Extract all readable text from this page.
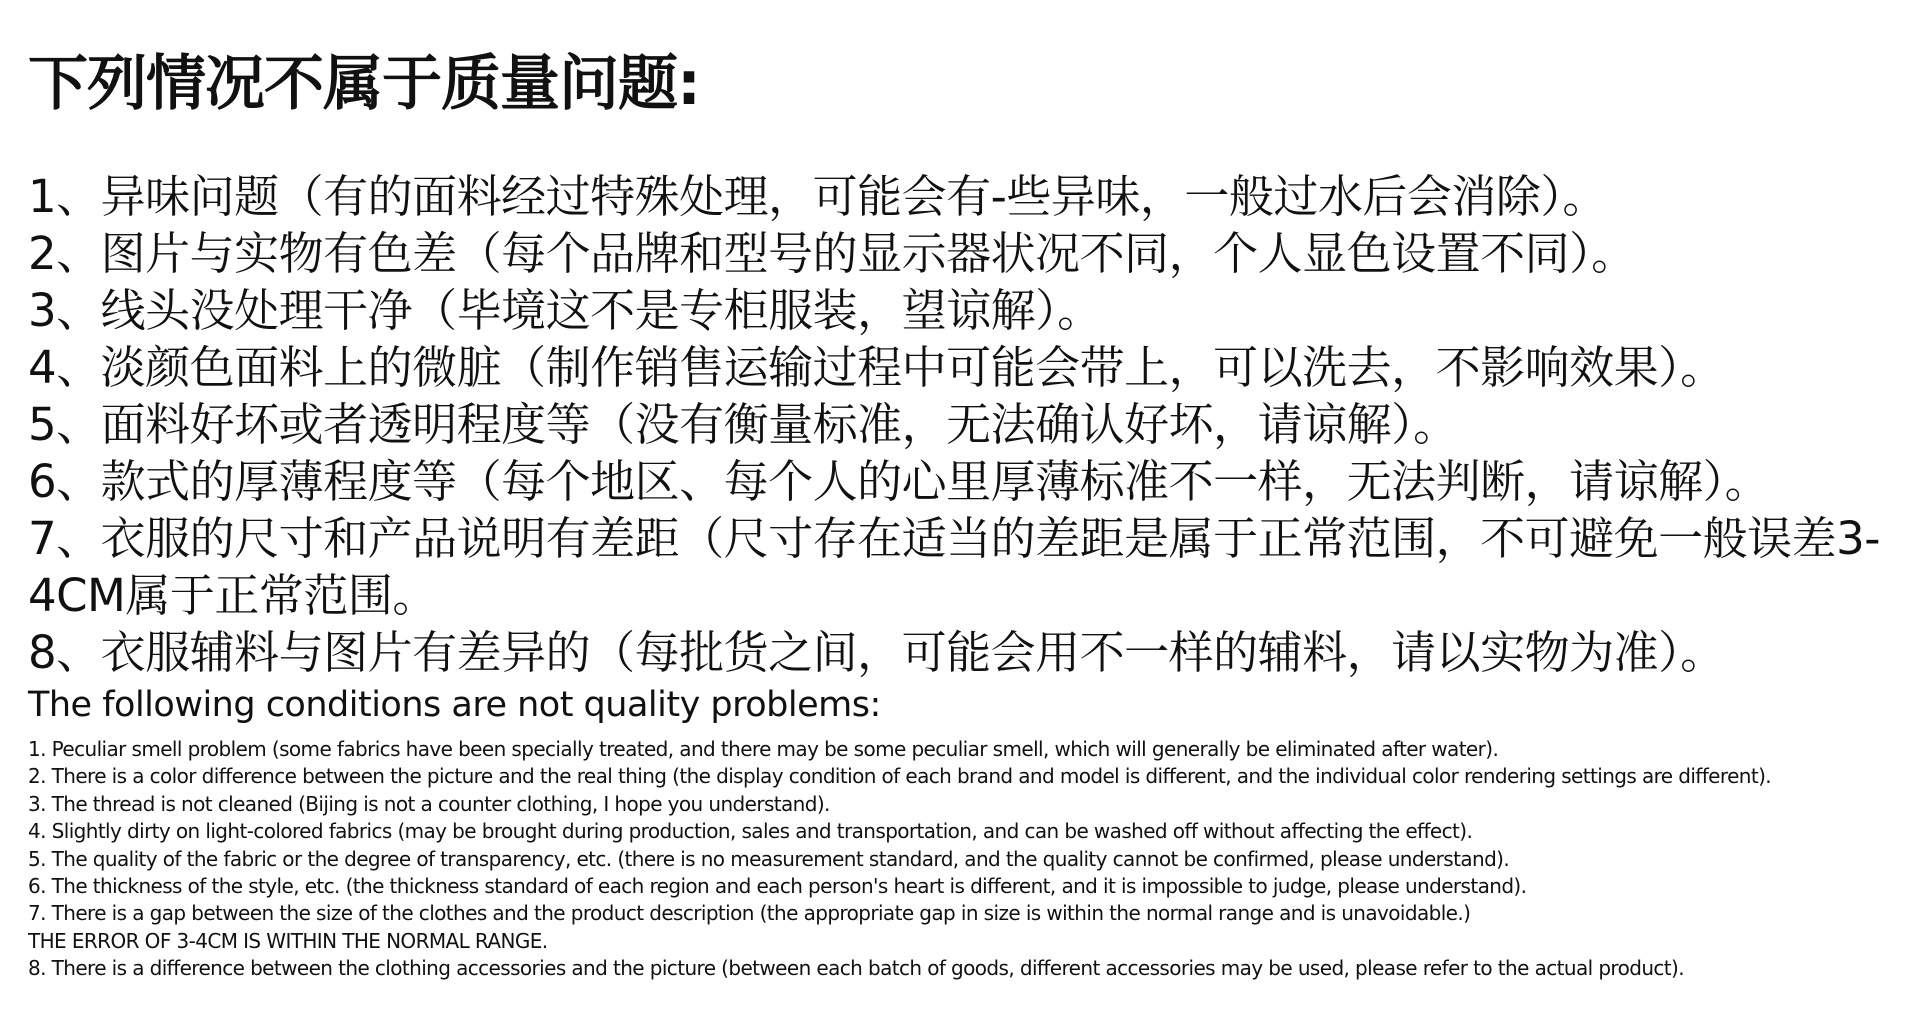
下列情况不属于质量问题:
1、异味问题（有的面料经过特殊处理，可能会有-些异味，一般过水后会消除）。
2、图片与实物有色差（每个品牌和型号的显示器状况不同，个人显色设置不同）。
3、线头没处理干净（毕境这不是专柜服装，望谅解）。
4、淡颜色面料上的微脏（制作销售运输过程中可能会带上，可以洗去，不影响效果）。
5、面料好坏或者透明程度等（没有衡量标准，无法确认好坏，请谅解）。
6、款式的厚薄程度等（每个地区、每个人的心里厚薄标准不一样，无法判断，请谅解）。
7、衣服的尺寸和产品说明有差距（尺寸存在适当的差距是属于正常范围，不可避免一般误差3-4CM属于正常范围。
8、衣服辅料与图片有差异的（每批货之间，可能会用不一样的辅料，请以实物为准）。
The following conditions are not quality problems:
1. Peculiar smell problem (some fabrics have been specially treated, and there may be some peculiar smell, which will generally be eliminated after water).
2. There is a color difference between the picture and the real thing (the display condition of each brand and model is different, and the individual color rendering settings are different).
3. The thread is not cleaned (Bijing is not a counter clothing, I hope you understand).
4. Slightly dirty on light-colored fabrics (may be brought during production, sales and transportation, and can be washed off without affecting the effect).
5. The quality of the fabric or the degree of transparency, etc. (there is no measurement standard, and the quality cannot be confirmed, please understand).
6. The thickness of the style, etc. (the thickness standard of each region and each person's heart is different, and it is impossible to judge, please understand).
7. There is a gap between the size of the clothes and the product description (the appropriate gap in size is within the normal range and is unavoidable.)
THE ERROR OF 3-4CM IS WITHIN THE NORMAL RANGE.
8. There is a difference between the clothing accessories and the picture (between each batch of goods, different accessories may be used, please refer to the actual product).
